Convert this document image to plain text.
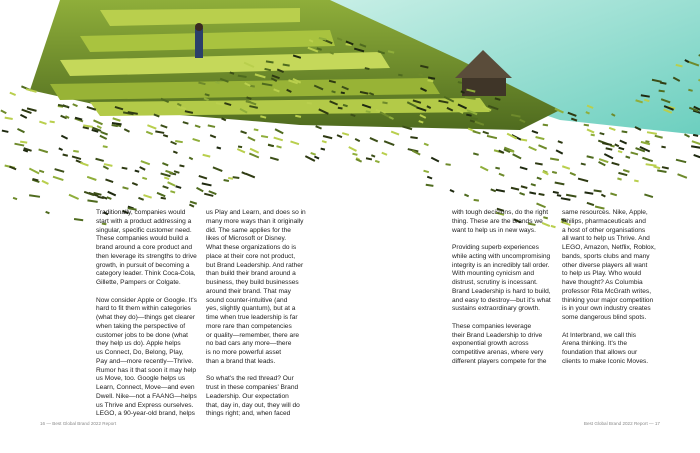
Traditionally, companies would
start with a product addressing a
singular, specific customer need.
These companies would build a
brand around a core product and
then leverage its strengths to drive
growth, in pursuit of becoming a
category leader. Think Coca-Cola,
Gillette, Pampers or Colgate.

Now consider Apple or Google. It's
hard to fit them within categories
(what they do)—things get clearer
when taking the perspective of
customer jobs to be done (what
they help us do). Apple helps
us Connect, Do, Belong, Play,
Pay and—more recently—Thrive.
Rumor has it that soon it may help
us Move, too. Google helps us
Learn, Connect, Move—and even
Dwell. Nike—not a FAANG—helps
us Thrive and Express ourselves.
LEGO, a 90-year-old brand, helps

us Play and Learn, and does so in
many more ways than it originally
did. The same applies for the
likes of Microsoft or Disney.
What these organizations do is
place at their core not product,
but Brand Leadership. And rather
than build their brand around a
business, they build businesses
around their brand. That may
sound counter-intuitive (and
yes, slightly quantum), but at a
time when true leadership is far
more rare than competencies
or quality—remember, there are
no bad cars any more—there
is no more powerful asset
than a brand that leads.

So what's the red thread? Our
trust in these companies' Brand
Leadership. Our expectation
that, day in, day out, they will do
things right; and, when faced

with tough decisions, do the right
thing. These are the brands we
want to help us in new ways.

Providing superb experiences
while acting with uncompromising
integrity is an incredibly tall order.
With mounting cynicism and
distrust, scrutiny is incessant.
Brand Leadership is hard to build,
and easy to destroy—but it's what
sustains extraordinary growth.

These companies leverage
their Brand Leadership to drive
exponential growth across
competitive arenas, where very
different players compete for the

same resources. Nike, Apple,
Philips, pharmaceuticals and
a host of other organisations
all want to help us Thrive. And
LEGO, Amazon, Netflix, Roblox,
bands, sports clubs and many
other diverse players all want
to help us Play. Who would
have thought? As Columbia
professor Rita McGrath writes,
thinking your major competition
is in your own industry creates
some dangerous blind spots.

At Interbrand, we call this
Arena thinking. It's the
foundation that allows our
clients to make Iconic Moves.

16 — Best Global Brand 2022 Report	Best Global Brand 2022 Report — 17
